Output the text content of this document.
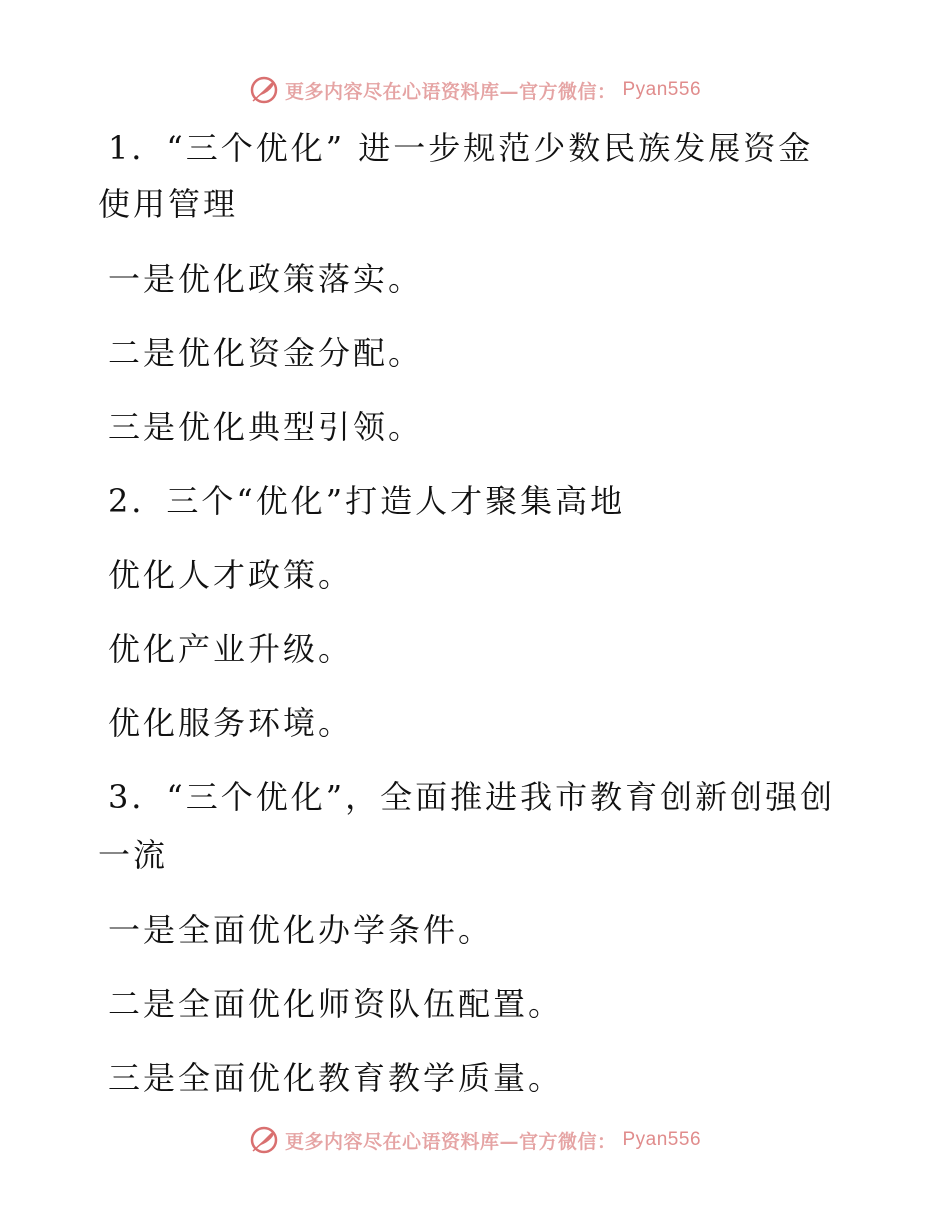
更多内容尽在心语资料库—官方微信： Pyan556
1．“三个优化” 进一步规范少数民族发展资金
使用管理
一是优化政策落实。
二是优化资金分配。
三是优化典型引领。
2．三个“优化”打造人才聚集高地
优化人才政策。
优化产业升级。
优化服务环境。
3．“三个优化”，全面推进我市教育创新创强创
一流
一是全面优化办学条件。
二是全面优化师资队伍配置。
三是全面优化教育教学质量。
更多内容尽在心语资料库—官方微信： Pyan556
